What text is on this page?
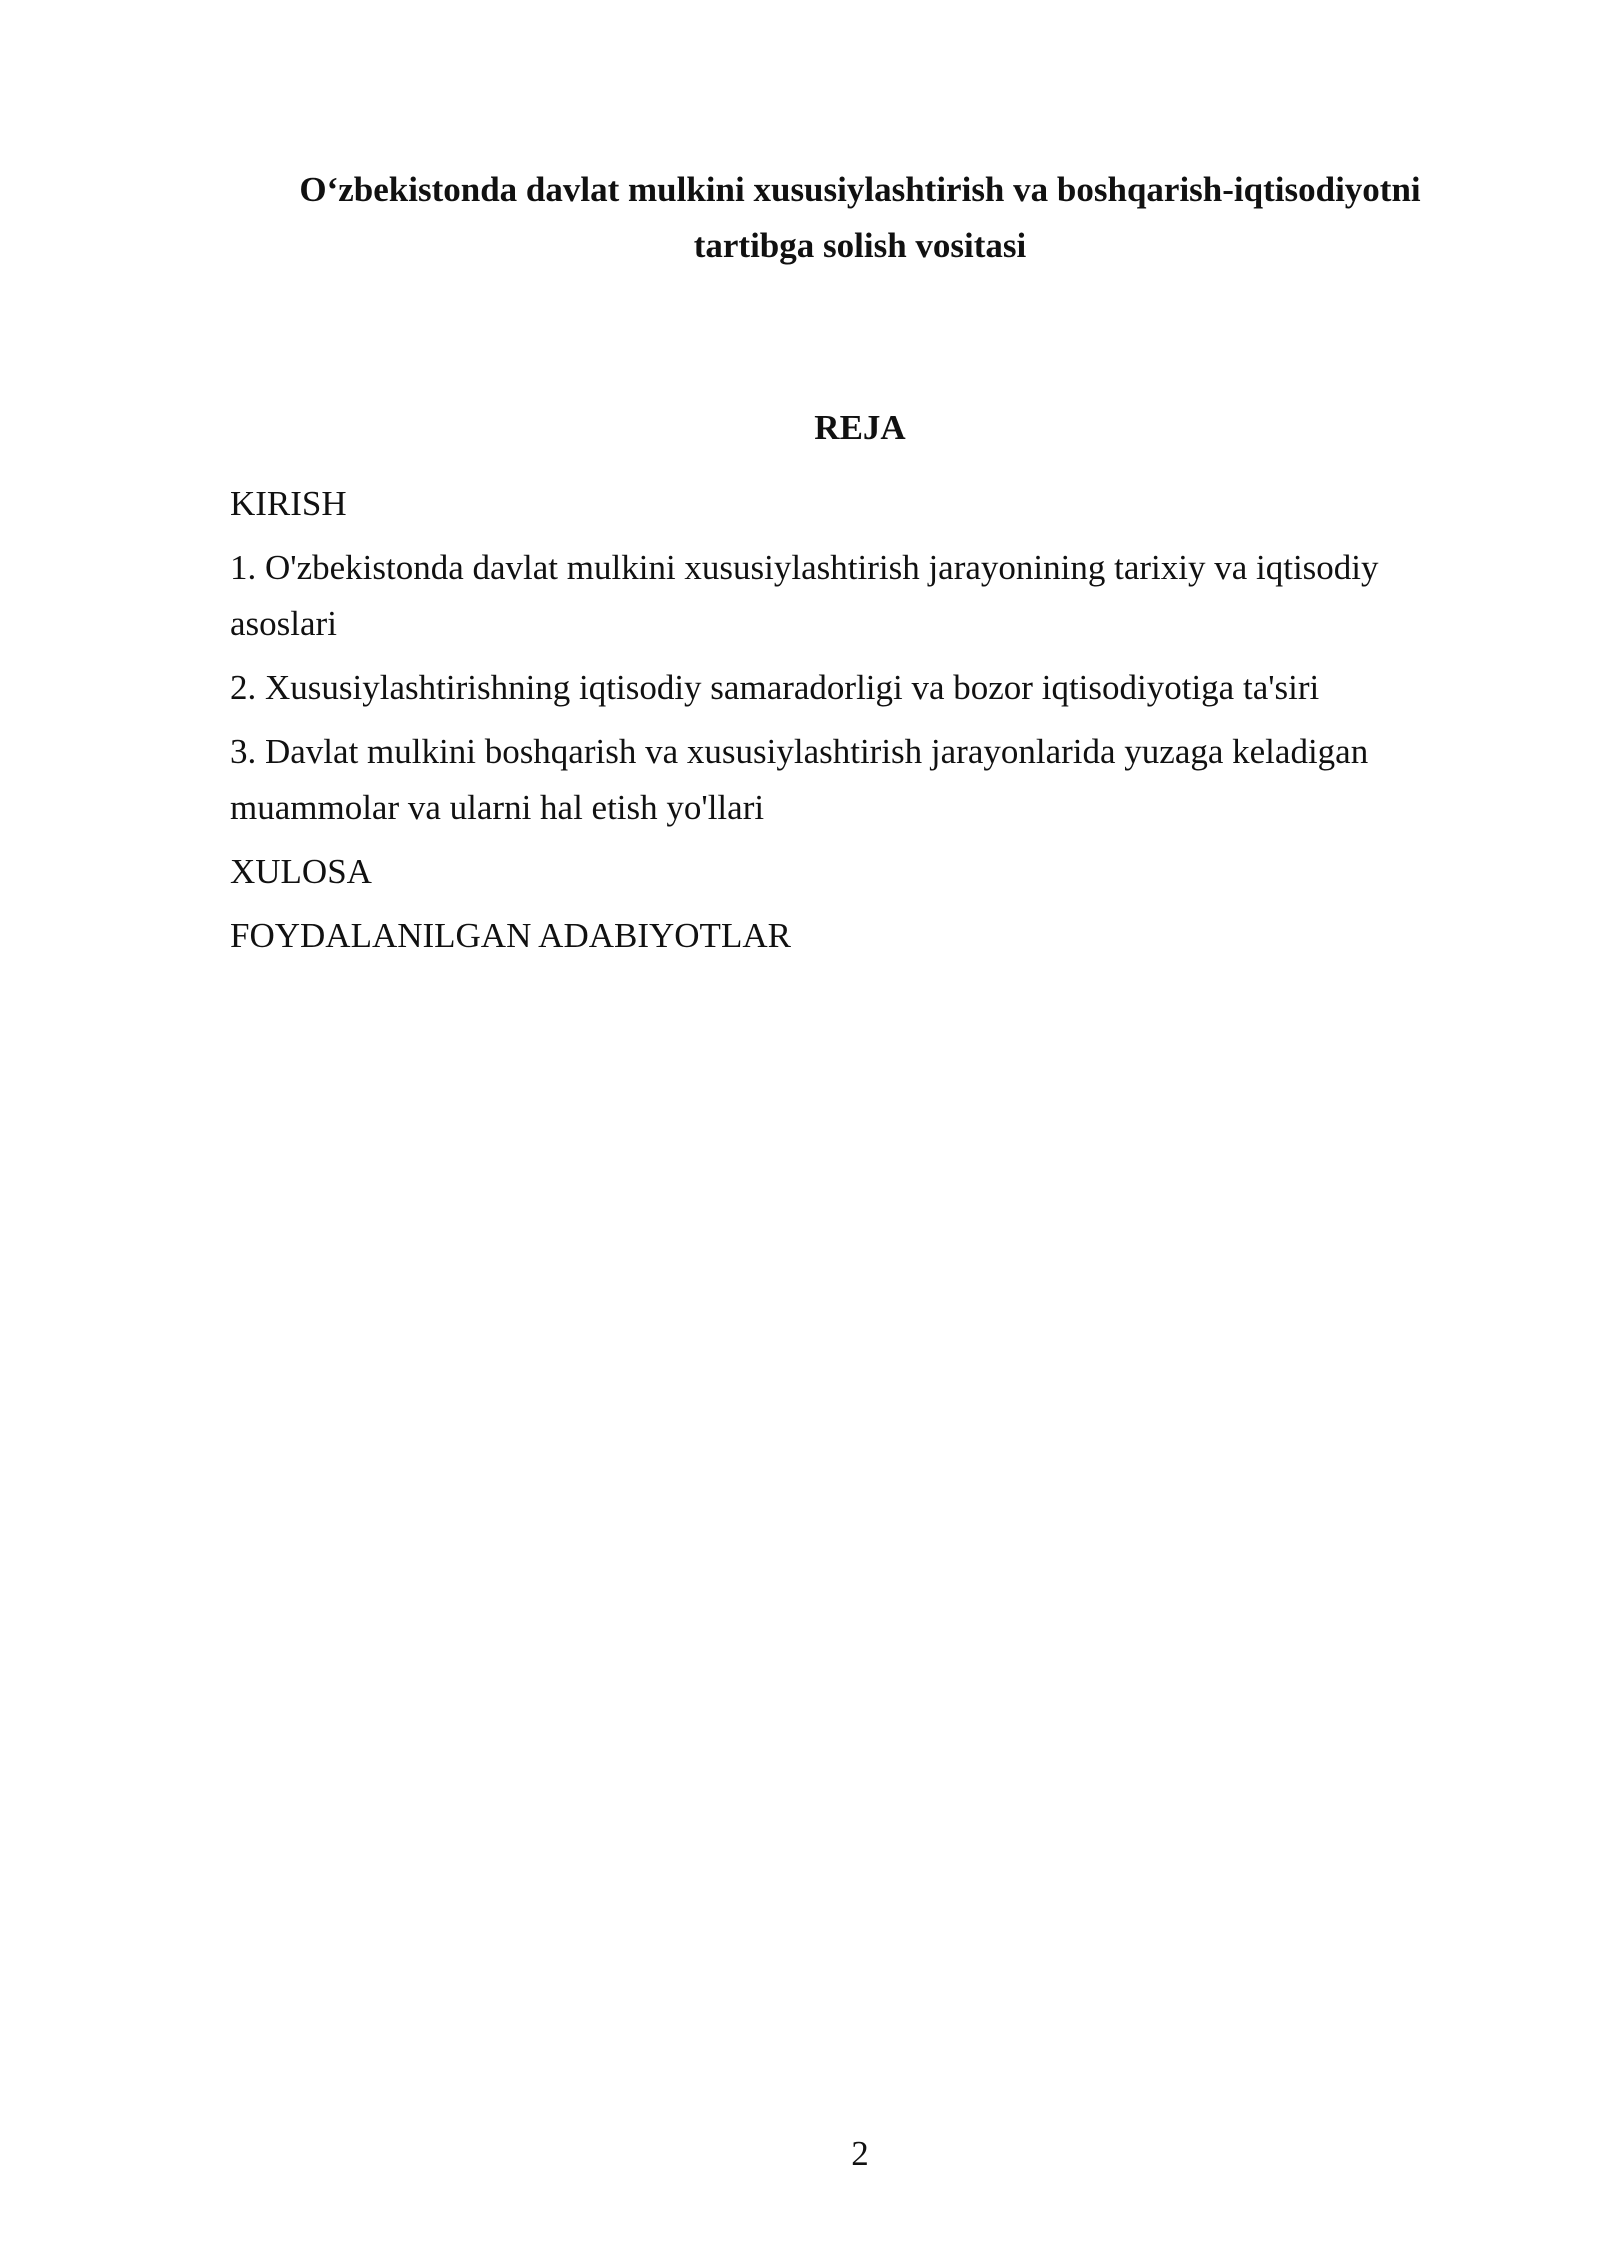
O‘zbekistonda davlat mulkini xususiylashtirish va boshqarish-iqtisodiyotni
tartibga solish vositasi
REJA
KIRISH
1. O'zbekistonda davlat mulkini xususiylashtirish jarayonining tarixiy va iqtisodiy asoslari
2. Xususiylashtirishning iqtisodiy samaradorligi va bozor iqtisodiyotiga ta'siri
3. Davlat mulkini boshqarish va xususiylashtirish jarayonlarida yuzaga keladigan muammolar va ularni hal etish yo'llari
XULOSA
FOYDALANILGAN ADABIYOTLAR
2
